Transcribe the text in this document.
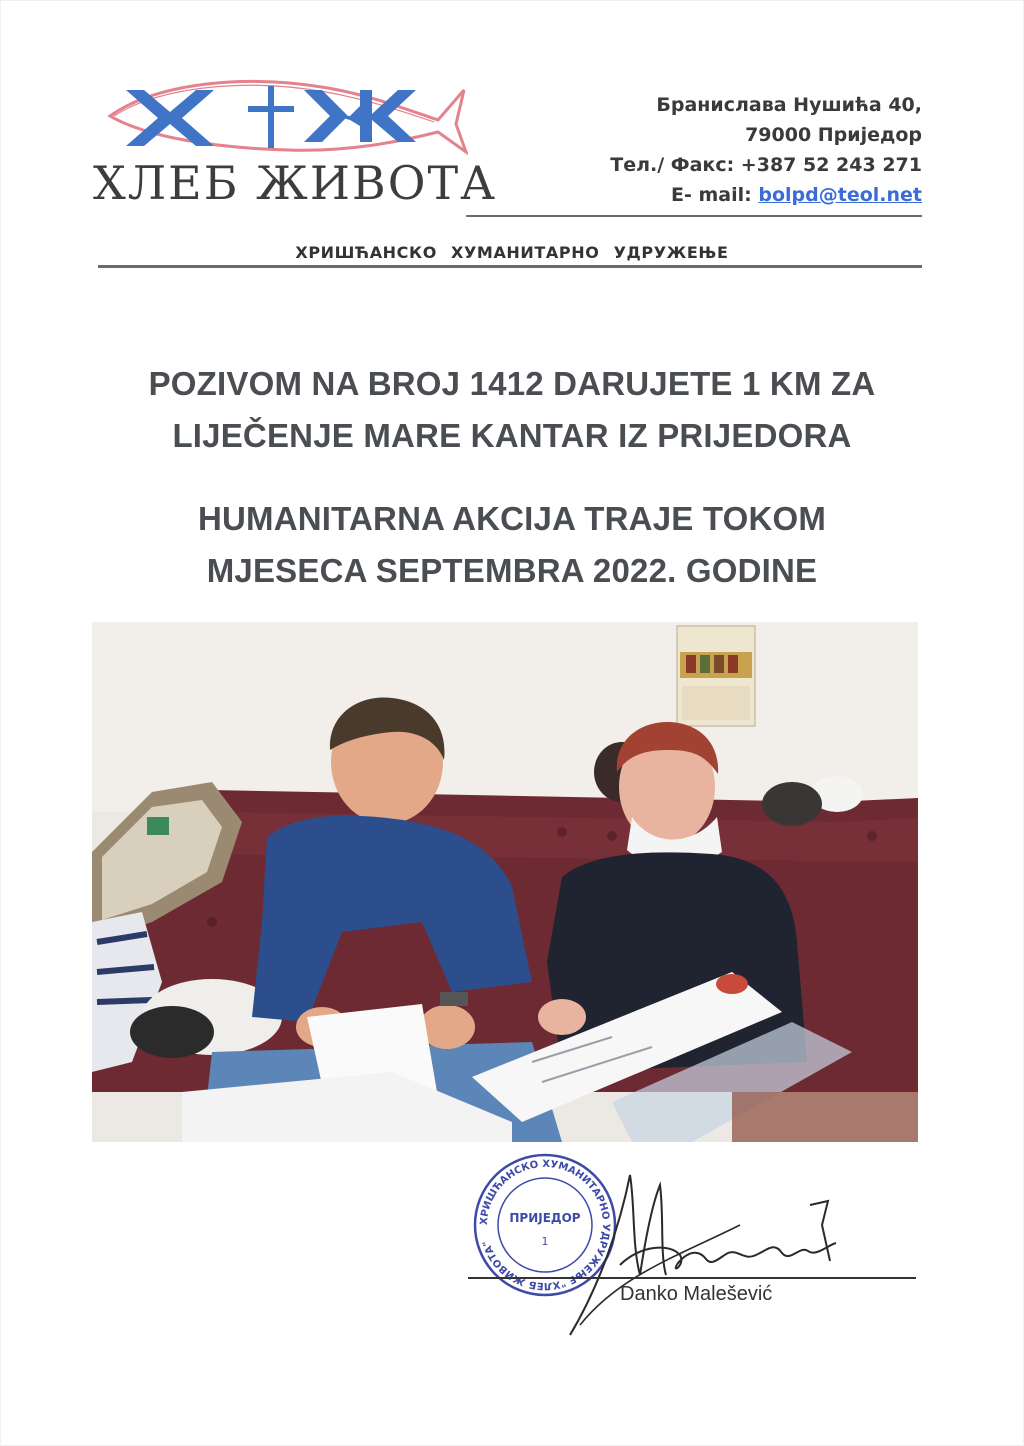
ХЛЕБ ЖИВОТА
Бранислава Нушића 40,
79000 Приједор
Тел./ Факс: +387 52 243 271
E- mail: bolpd@teol.net
ХРИШЋАНСКО ХУМАНИТАРНО УДРУЖЕЊЕ
POZIVOM NA BROJ 1412 DARUJETE 1 KM ZA
LIJEČENJE MARE KANTAR IZ PRIJEDORA
HUMANITARNA AKCIJA TRAJE TOKOM
MJESECA SEPTEMBRA 2022. GODINE
ХРИШЋАНСКО ХУМАНИТАРНО УДРУЖЕЊЕ "ХЛЕБ ЖИВОТА"
ПРИЈЕДОР
1
Danko Malešević
